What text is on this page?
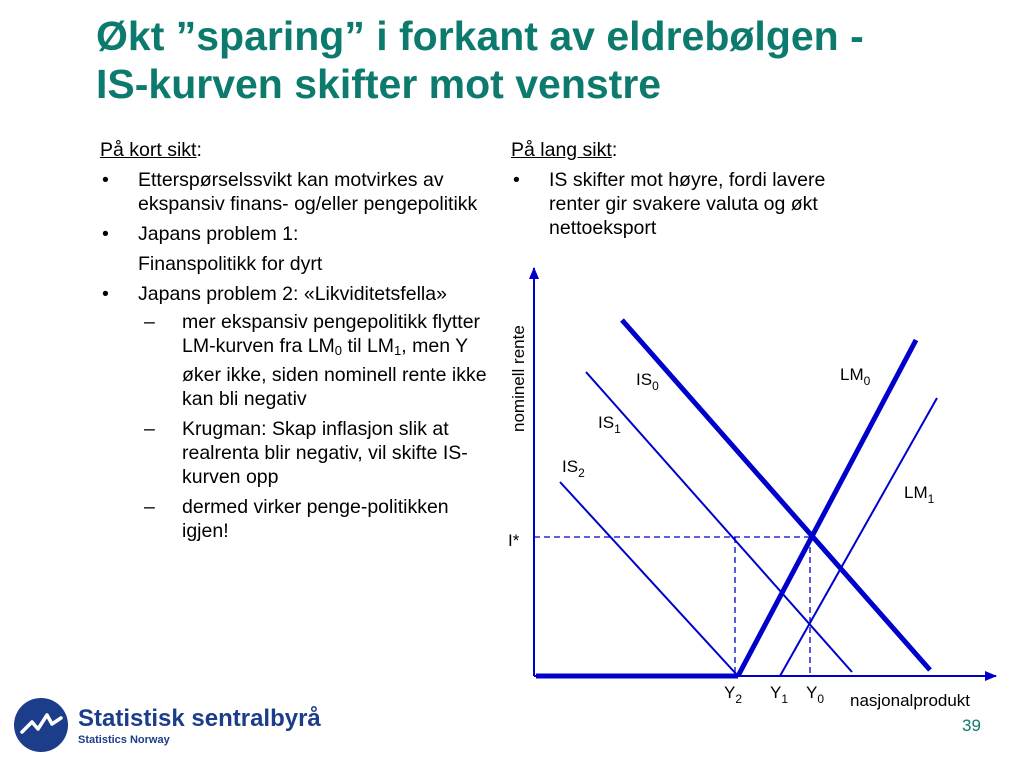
Økt ”sparing” i forkant av eldrebølgen -
IS-kurven skifter mot venstre
På kort sikt:
• Etterspørselssvikt kan motvirkes av ekspansiv finans- og/eller pengepolitikk
• Japans problem 1:
Finanspolitikk for dyrt
• Japans problem 2: «Likviditetsfella»
– mer ekspansiv pengepolitikk flytter LM-kurven fra $LM_0$ til $LM_1$, men Y øker ikke, siden nominell rente ikke kan bli negativ
– Krugman: Skap inflasjon slik at realrenta blir negativ, vil skifte IS-kurven opp
– dermed virker penge-politikken igjen!
På lang sikt:
• IS skifter mot høyre, fordi lavere renter gir svakere valuta og økt nettoeksport
nominell rente
nasjonalprodukt
I*
$IS_0$
$IS_1$
$IS_2$
$LM_0$
$LM_1$
$Y_2$ $Y_1$ $Y_0$
Statistisk sentralbyrå
Statistics Norway
39
